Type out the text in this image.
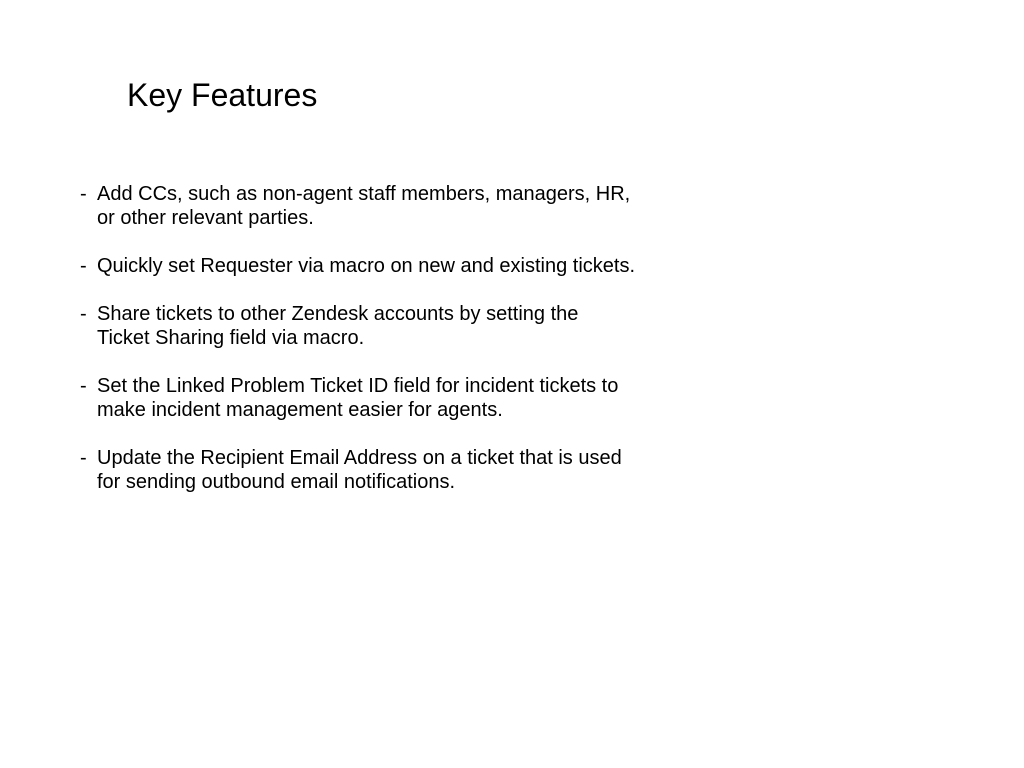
Key Features
- Add CCs, such as non-agent staff members, managers, HR,
or other relevant parties.
- Quickly set Requester via macro on new and existing tickets.
- Share tickets to other Zendesk accounts by setting the
Ticket Sharing field via macro.
- Set the Linked Problem Ticket ID field for incident tickets to
make incident management easier for agents.
- Update the Recipient Email Address on a ticket that is used
for sending outbound email notifications.
